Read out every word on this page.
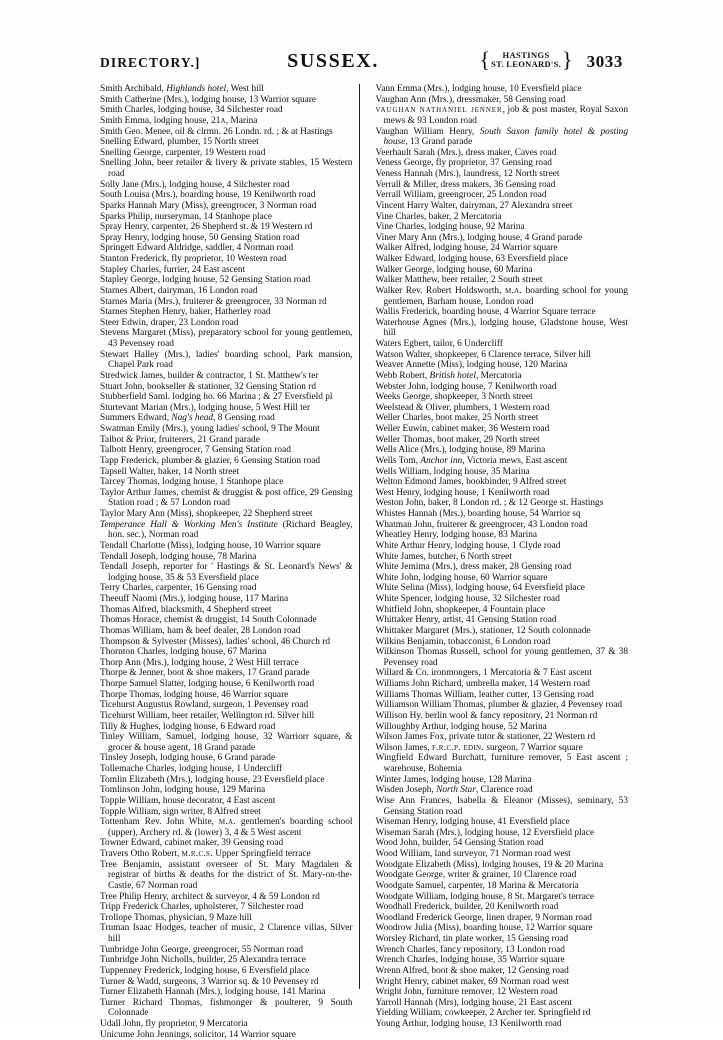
DIRECTORY.]	SUSSEX.	{	HASTINGS
ST. LEONARD'S. } 3033

Smith Archibald, Highlands hotel, West hill

Smith Catherine (Mrs.), lodging house, 13 Warrior square

Smith Charles, lodging house, 34 Silchester road

Smith Emma, lodging house, 21a, Marina

Smith Geo. Menee, oil & clrmn. 26 Londn. rd. ; & at Hastings

Snelling Edward, plumber, 15 North street

Snelling George, carpenter, 19 Western road

Snelling John, beer retailer & livery & private stables, 15 Western road

Solly Jane (Mrs.), lodging house, 4 Silchester road

South Louisa (Mrs.), boarding house, 19 Kenilworth road

Sparks Hannah Mary (Miss), greengrocer, 3 Norman road

Sparks Philip, nurseryman, 14 Stanhope place

Spray Henry, carpenter, 26 Shepherd st. & 19 Western rd

Spray Henry, lodging house, 50 Gensing Station road

Springett Edward Aldridge, saddler, 4 Norman road

Stanton Frederick, fly proprietor, 10 Western road

Stapley Charles, furrier, 24 East ascent

Stapley George, lodging house, 52 Gensing Station road

Starnes Albert, dairyman, 16 London road

Starnes Maria (Mrs.), fruiterer & greengrocer, 33 Norman rd

Starnes Stephen Henry, baker, Hatherley road

Steer Edwin, draper, 23 London road

Stevens Margaret (Miss), preparatory school for young gentlemen, 43 Pevensey road

Stewart Halley (Mrs.), ladies' boarding school, Park mansion, Chapel Park road

Stredwick James, builder & contractor, 1 St. Matthew's ter

Stuart John, bookseller & stationer, 32 Gensing Station rd

Stubberfield Saml. lodging ho. 66 Marina ; & 27 Eversfield pl

Sturtevant Marian (Mrs.), lodging house, 5 West Hill ter

Summers Edward, Nag's head, 8 Gensing road

Swatman Emily (Mrs.), young ladies' school, 9 The Mount

Talbot & Prior, fruiterers, 21 Grand parade

Talbott Henry, greengrocer, 7 Gensing Station road

Tapp Frederick, plumber & glazier, 6 Gensing Station road

Tapsell Walter, baker, 14 North street

Tarcey Thomas, lodging house, 1 Stanhope place

Taylor Arthur James, chemist & druggist & post office, 29 Gensing Station road ; & 57 London road

Taylor Mary Ann (Miss), shopkeeper, 22 Shepherd street

Temperance Hall & Working Men's Institute (Richard Beagley, hon. sec.), Norman road

Tendall Charlotte (Miss), lodging house, 10 Warrior square

Tendall Joseph, lodging house, 78 Marina

Tendall Joseph, reporter for ' Hastings & St. Leonard's News' & lodging house, 35 & 53 Eversfield place

Terry Charles, carpenter, 16 Gensing road

Theeuff Naomi (Mrs.), lodging house, 117 Marina

Thomas Alfred, blacksmith, 4 Shepherd street

Thomas Horace, chemist & druggist, 14 South Colonnade

Thomas William, ham & beef dealer, 28 London road

Thompson & Sylvester (Misses), ladies' school, 46 Church rd

Thornton Charles, lodging house, 67 Marina

Thorp Ann (Mrs.), lodging house, 2 West Hill terrace

Thorpe & Jenner, boot & shoe makers, 17 Grand parade

Thorpe Samuel Slatter, lodging house, 6 Kenilworth road

Thorpe Thomas, lodging house, 46 Warrior square

Ticehurst Augustus Rowland, surgeon, 1 Pevensey road

Ticehurst William, beer retailer, Wellington rd. Silver hill

Tilly & Hughes, lodging house, 6 Edward road

Tinley William, Samuel, lodging house, 32 Warriorr square, & grocer & house agent, 18 Grand parade

Tinsley Joseph, lodging house, 6 Grand parade

Tollemache Charles, lodging house, 1 Undercliff

Tomlin Elizabeth (Mrs.), lodging house, 23 Eversfield place

Tomlinson John, lodging house, 129 Marina

Topple William, house decorator, 4 East ascent

Topple William, sign writer, 8 Alfred street

Tottenham Rev. John White, m.a. gentlemen's boarding school (upper), Archery rd. & (lower) 3, 4 & 5 West ascent

Towner Edward, cabinet maker, 39 Gensing road

Travers Otho Robert, m.r.c.s. Upper Springfield terrace

Tree Benjamin, assistant overseer of St. Mary Magdalen & registrar of births & deaths for the district of St. Mary-on-the-Castle, 67 Norman road

Tree Philip Henry, architect & surveyor, 4 & 59 London rd

Tripp Frederick Charles, upholsterer, 7 Silchester road

Trollope Thomas, physician, 9 Maze hill

Truman Isaac Hodges, teacher of music, 2 Clarence villas, Silver hill

Tunbridge John George, greengrocer, 55 Norman road

Tunbridge John Nicholls, builder, 25 Alexandra terrace

Tuppenney Frederick, lodging house, 6 Eversfield place

Turner & Wadd, surgeons, 3 Warrior sq. & 10 Pevensey rd

Turner Elizabeth Hannah (Mrs.), lodging house, 141 Marina

Turner Richard Thomas, fishmonger & poulterer, 9 South Colonnade

Udall John, fly proprietor, 9 Mercatoria

Unicume John Jennings, solicitor, 14 Warrior square

Vann Emma (Mrs.), lodging house, 10 Eversfield place

Vaughan Ann (Mrs.), dressmaker, 58 Gensing road

vaughan nathaniel jenner, job & post master, Royal Saxon mews & 93 London road

Vaughan William Henry, South Saxon family hotel & posting house, 13 Grand parade

Veerhault Sarah (Mrs.), dress maker, Caves road

Veness George, fly proprietor, 37 Gensing road

Veness Hannah (Mrs.), laundress, 12 North street

Verrall & Miller, dress makers, 36 Gensing road

Verrall William, greengrocer, 25 London road

Vincent Harry Walter, dairyman, 27 Alexandra street

Vine Charles, baker, 2 Mercatoria

Vine Charles, lodging house, 92 Marina

Viner Mary Ann (Mrs.), lodging house, 4 Grand parade

Walker Alfred, lodging house, 24 Warrior square

Walker Edward, lodging house, 63 Eversfield place

Walker George, lodging house, 60 Marina

Walker Matthew, beer retailer, 2 South street

Walker Rev. Robert Holdsworth, m.a. boarding school for young gentlemen, Barham house, London road

Wallis Frederick, boarding house, 4 Warrior Square terrace

Waterhouse Agnes (Mrs.), lodging house, Gladstone house, West hill

Waters Egbert, tailor, 6 Undercliff

Watson Walter, shopkeeper, 6 Clarence terrace, Silver hill

Weaver Annette (Miss), lodging house, 120 Marina

Webb Robert, British hotel, Mercatoria

Webster John, lodging house, 7 Kenilworth road

Weeks George, shopkeeper, 3 North street

Weelstead & Oliver, plumbers, 1 Western road

Weller Charles, boot maker, 25 North street

Weller Euwin, cabinet maker, 36 Western road

Weller Thomas, boot maker, 29 North street

Wells Alice (Mrs.), lodging house, 89 Marina

Wells Tom, Anchor inn, Victoria mews, East ascent

Wells William, lodging house, 35 Marina

Welton Edmond James, bookbinder, 9 Alfred street

West Henry, lodging house, 1 Kenilworth road

Weston John, baker, 8 London rd. ; & 12 George st. Hastings

Whistes Hannah (Mrs.), boarding house, 54 Warrior sq

Whatman John, fruiterer & greengrocer, 43 London road

Wheatley Henry, lodging house, 83 Marina

White Arthur Henry, lodging house, 1 Clyde road

White James, butcher, 6 North street

White Jemima (Mrs.), dress maker, 28 Gensing road

White John, lodging house, 60 Warrior square

White Selina (Miss), lodging house, 64 Eversfield place

White Spencer, lodging house, 32 Silchester road

Whitfield John, shopkeeper, 4 Fountain place

Whittaker Henry, artist, 41 Gensing Station road

Whittaker Margaret (Mrs.), stationer, 12 South colonnade

Wilkins Benjamin, tobacconist, 6 London road

Wilkinson Thomas Russell, school for young gentlemen, 37 & 38 Pevensey road

Willard & Co. ironmongers, 1 Mercatoria & 7 East ascent

Williams John Richard, umbrella maker, 14 Western road

Williams Thomas William, leather cutter, 13 Gensing road

Williamson William Thomas, plumber & glazier, 4 Pevensey road

Willison Hy. berlin wool & fancy repository, 21 Norman rd

Willoughby Arthur, lodging house, 52 Marina

Wilson James Fox, private tutor & stationer, 22 Western rd

Wilson James, f.r.c.p. edin. surgeon, 7 Warrior square

Wingfield Edward Burchatt, furniture remover, 5 East ascent ; warehouse, Bohemia

Winter James, lodging house, 128 Marina

Wisden Joseph, North Star, Clarence road

Wise Ann Frances, Isabella & Eleanor (Misses), seminary, 53 Gensing Station road

Wiseman Henry, lodging house, 41 Eversfield place

Wiseman Sarah (Mrs.), lodging house, 12 Eversfield place

Wood John, builder, 54 Gensing Station road

Wood William, land surveyor, 71 Norman road west

Woodgate Elizabeth (Miss), lodging houses, 19 & 20 Marina

Woodgate George, writer & grainer, 10 Clarence road

Woodgate Samuel, carpenter, 18 Marina & Mercatoria

Woodgate William, lodging house, 8 St. Margaret's terrace

Woodhall Frederick, builder, 20 Kenilworth road

Woodland Frederick George, linen draper, 9 Norman road

Woodrow Julia (Miss), boarding house, 12 Warrior square

Worsley Richard, tin plate worker, 15 Gensing road

Wrench Charles, fancy repository, 13 London road

Wrench Charles, lodging house, 35 Warrior square

Wrenn Alfred, boot & shoe maker, 12 Gensing road

Wright Henry, cabinet maker, 69 Norman road west

Wright John, furniture remover, 12 Western road

Yarroll Hannah (Mrs), lodging house, 21 East ascent

Yielding William, cowkeeper, 2 Archer ter. Springfield rd

Young Arthur, lodging house, 13 Kenilworth road
